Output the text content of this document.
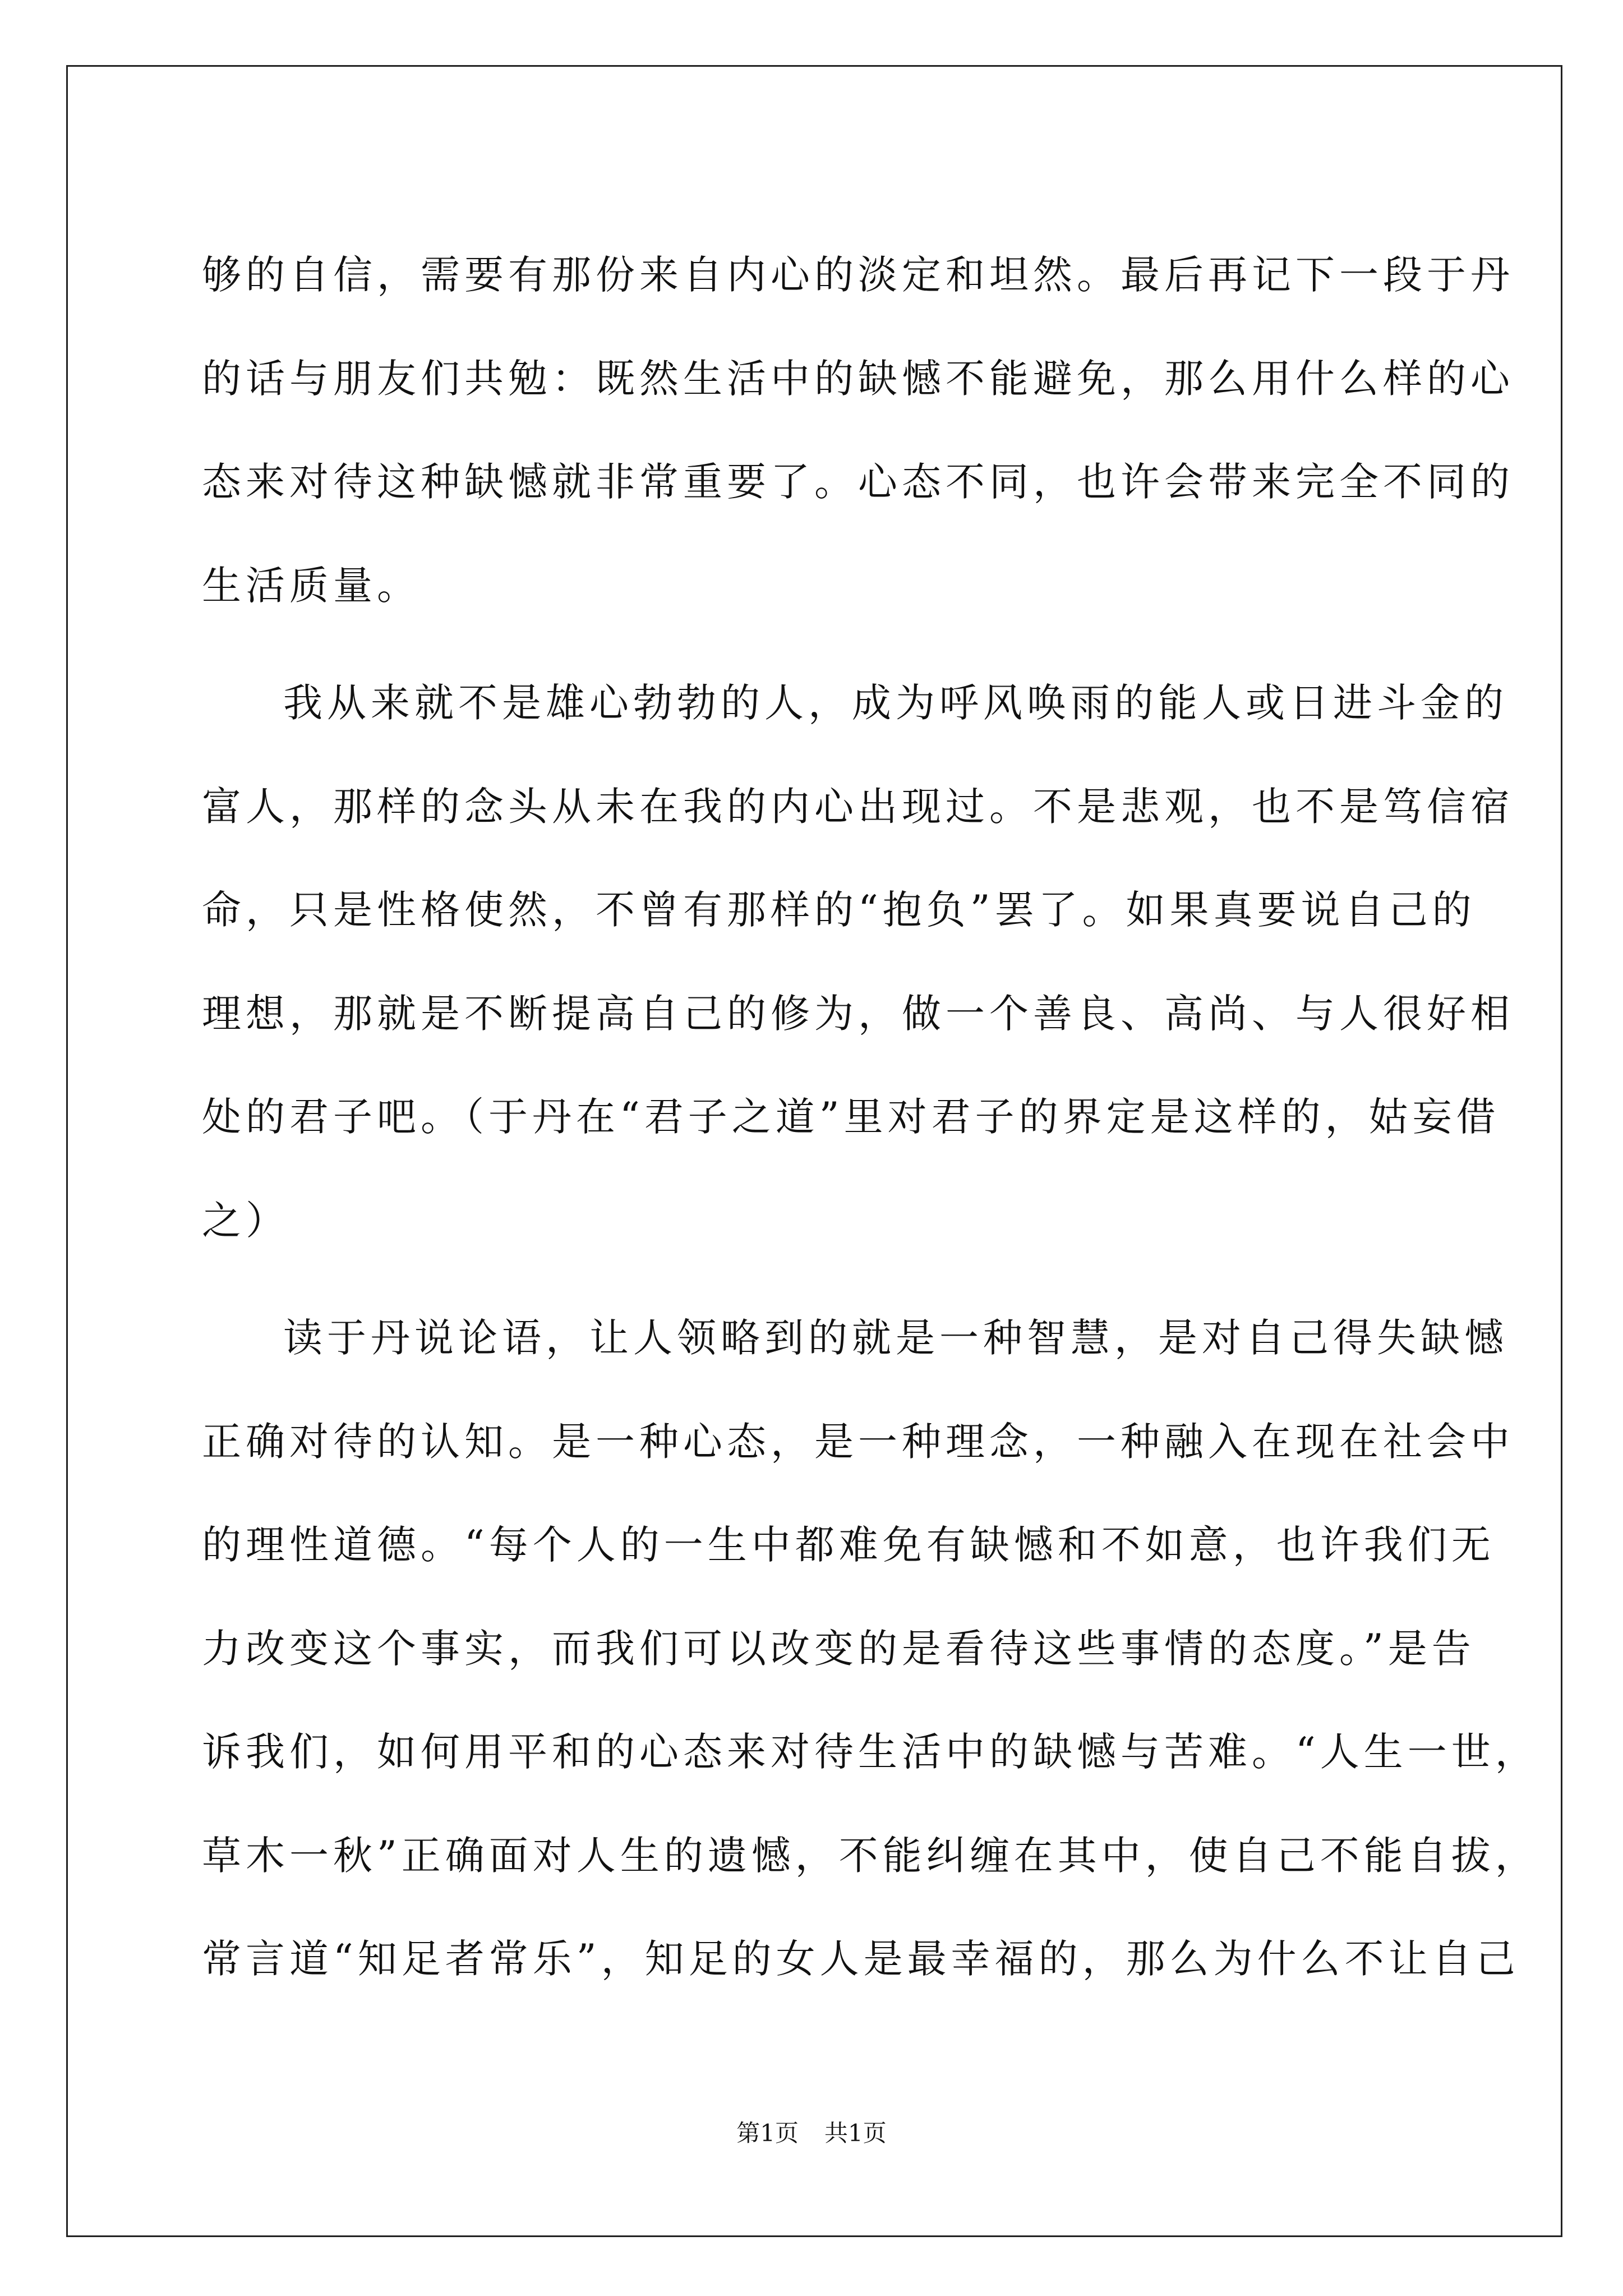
够的自信，需要有那份来自内心的淡定和坦然。最后再记下一段于丹
的话与朋友们共勉：既然生活中的缺憾不能避免，那么用什么样的心
态来对待这种缺憾就非常重要了。心态不同，也许会带来完全不同的
生活质量。
我从来就不是雄心勃勃的人，成为呼风唤雨的能人或日进斗金的
富人，那样的念头从未在我的内心出现过。不是悲观，也不是笃信宿
命，只是性格使然，不曾有那样的“抱负”罢了。如果真要说自己的
理想，那就是不断提高自己的修为，做一个善良、高尚、与人很好相
处的君子吧。（于丹在“君子之道”里对君子的界定是这样的，姑妄借
之）
读于丹说论语，让人领略到的就是一种智慧，是对自己得失缺憾
正确对待的认知。是一种心态，是一种理念，一种融入在现在社会中
的理性道德。“每个人的一生中都难免有缺憾和不如意，也许我们无
力改变这个事实，而我们可以改变的是看待这些事情的态度。”是告
诉我们，如何用平和的心态来对待生活中的缺憾与苦难。“人生一世，
草木一秋”正确面对人生的遗憾，不能纠缠在其中，使自己不能自拔，
常言道“知足者常乐”，知足的女人是最幸福的，那么为什么不让自己
第1页 共1页
